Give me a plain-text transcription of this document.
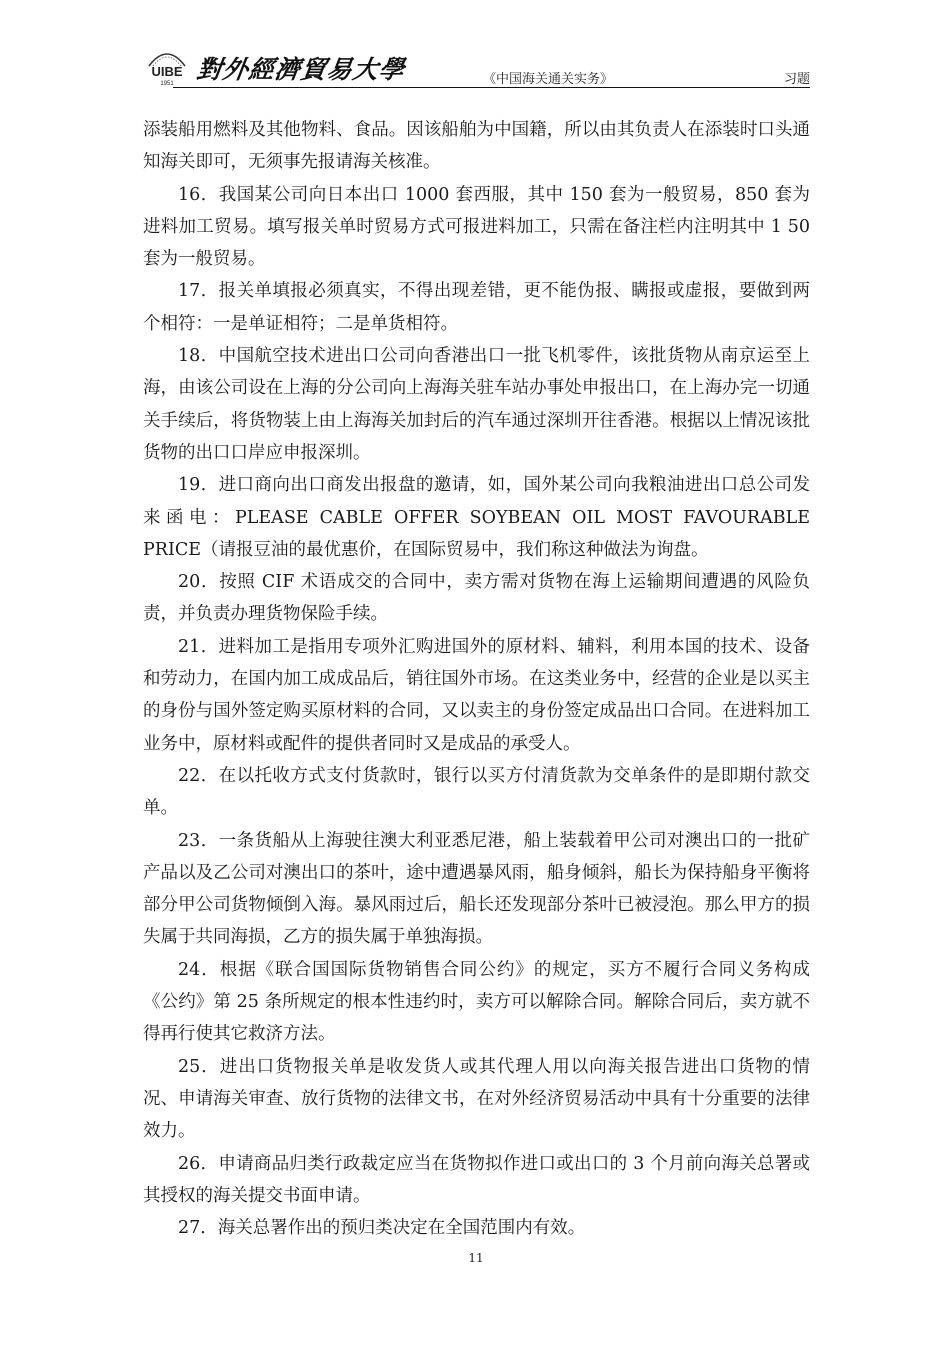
UIBE
1951 對外經濟貿易大學	《中国海关通关实务》	习题

添装船用燃料及其他物料、食品。因该船舶为中国籍，所以由其负责人在添装时口头通知海关即可，无须事先报请海关核准。

16．我国某公司向日本出口 1000 套西服，其中 150 套为一般贸易，850 套为进料加工贸易。填写报关单时贸易方式可报进料加工，只需在备注栏内注明其中 1 50 套为一般贸易。

17．报关单填报必须真实，不得出现差错，更不能伪报、瞒报或虚报，要做到两个相符：一是单证相符；二是单货相符。

18．中国航空技术进出口公司向香港出口一批飞机零件，该批货物从南京运至上海，由该公司设在上海的分公司向上海海关驻车站办事处申报出口，在上海办完一切通关手续后，将货物装上由上海海关加封后的汽车通过深圳开往香港。根据以上情况该批货物的出口口岸应申报深圳。

19．进口商向出口商发出报盘的邀请，如，国外某公司向我粮油进出口总公司发来函电：PLEASE CABLE OFFER SOYBEAN OIL MOST FAVOURABLE PRICE（请报豆油的最优惠价，在国际贸易中，我们称这种做法为询盘。

20．按照 CIF 术语成交的合同中，卖方需对货物在海上运输期间遭遇的风险负责，并负责办理货物保险手续。

21．进料加工是指用专项外汇购进国外的原材料、辅料，利用本国的技术、设备和劳动力，在国内加工成成品后，销往国外市场。在这类业务中，经营的企业是以买主的身份与国外签定购买原材料的合同，又以卖主的身份签定成品出口合同。在进料加工业务中，原材料或配件的提供者同时又是成品的承受人。

22．在以托收方式支付货款时，银行以买方付清货款为交单条件的是即期付款交单。

23．一条货船从上海驶往澳大利亚悉尼港，船上装载着甲公司对澳出口的一批矿产品以及乙公司对澳出口的茶叶，途中遭遇暴风雨，船身倾斜，船长为保持船身平衡将部分甲公司货物倾倒入海。暴风雨过后，船长还发现部分茶叶已被浸泡。那么甲方的损失属于共同海损，乙方的损失属于单独海损。

24．根据《联合国国际货物销售合同公约》的规定，买方不履行合同义务构成《公约》第 25 条所规定的根本性违约时，卖方可以解除合同。解除合同后，卖方就不得再行使其它救济方法。

25．进出口货物报关单是收发货人或其代理人用以向海关报告进出口货物的情况、申请海关审查、放行货物的法律文书，在对外经济贸易活动中具有十分重要的法律效力。

26．申请商品归类行政裁定应当在货物拟作进口或出口的 3 个月前向海关总署或其授权的海关提交书面申请。

27．海关总署作出的预归类决定在全国范围内有效。

11
